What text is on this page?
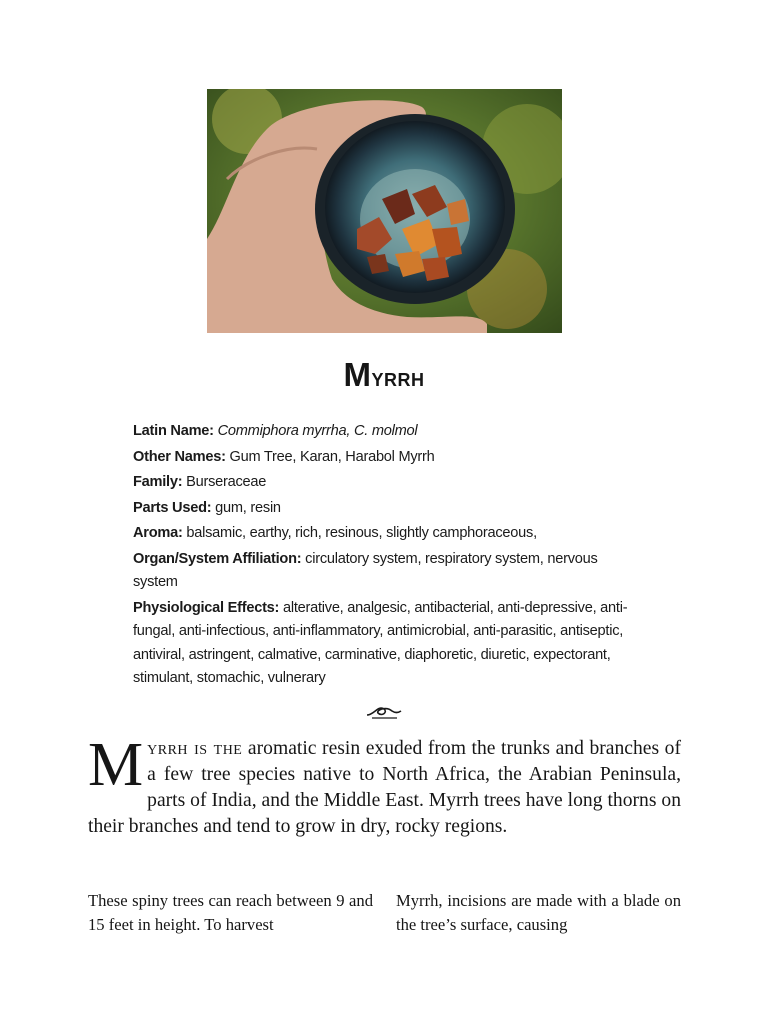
Myrrh
Latin Name: Commiphora myrrha, C. molmol
Other Names: Gum Tree, Karan, Harabol Myrrh
Family: Burseraceae
Parts Used: gum, resin
Aroma: balsamic, earthy, rich, resinous, slightly camphoraceous,
Organ/System Affiliation: circulatory system, respiratory system, nervous system
Physiological Effects: alterative, analgesic, antibacterial, anti-depressive, anti-fungal, anti-infectious, anti-inflammatory, antimicrobial, anti-parasitic, antiseptic, antiviral, astringent, calmative, carminative, diaphoretic, diuretic, expectorant, stimulant, stomachic, vulnerary
Myrrh is the aromatic resin exuded from the trunks and branches of a few tree species native to North Africa, the Arabian Peninsula, parts of India, and the Middle East. Myrrh trees have long thorns on their branches and tend to grow in dry, rocky regions.
These spiny trees can reach between 9 and 15 feet in height. To harvest
Myrrh, incisions are made with a blade on the tree’s surface, causing
